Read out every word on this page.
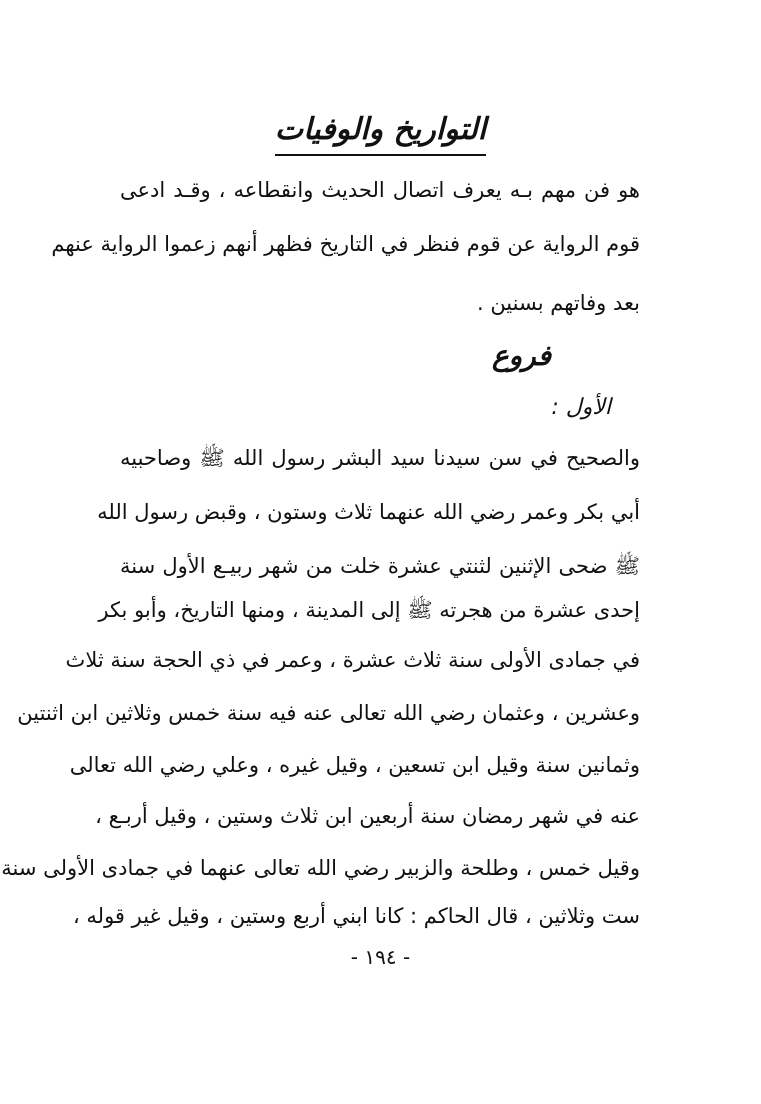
التواريخ والوفيات
هو فن مهم بـه يعرف اتصال الحديث وانقطاعه ، وقـد ادعى
قوم الرواية عن قوم فنظر في التاريخ فظهر أنهم زعموا الرواية عنهم
بعد وفاتهم بسنين .
فروع
الأول :
والصحيح في سن سيدنا سيد البشر رسول الله ﷺ وصاحبيه
أبي بكر وعمر رضي الله عنهما ثلاث وستون ، وقبض رسول الله
ﷺ ضحى الإثنين لثنتي عشرة خلت من شهر ربيـع الأول سنة
إحدى عشرة من هجرته ﷺ إلى المدينة ، ومنها التاريخ، وأبو بكر
في جمادى الأولى سنة ثلاث عشرة ، وعمر في ذي الحجة سنة ثلاث
وعشرين ، وعثمان رضي الله تعالى عنه فيه سنة خمس وثلاثين ابن اثنتين
وثمانين سنة وقيل ابن تسعين ، وقيل غيره ، وعلي رضي الله تعالى
عنه في شهر رمضان سنة أربعين ابن ثلاث وستين ، وقيل أربـع ،
وقيل خمس ، وطلحة والزبير رضي الله تعالى عنهما في جمادى الأولى سنة
ست وثلاثين ، قال الحاكم : كانا ابني أربع وستين ، وقيل غير قوله ،
- ١٩٤ -
